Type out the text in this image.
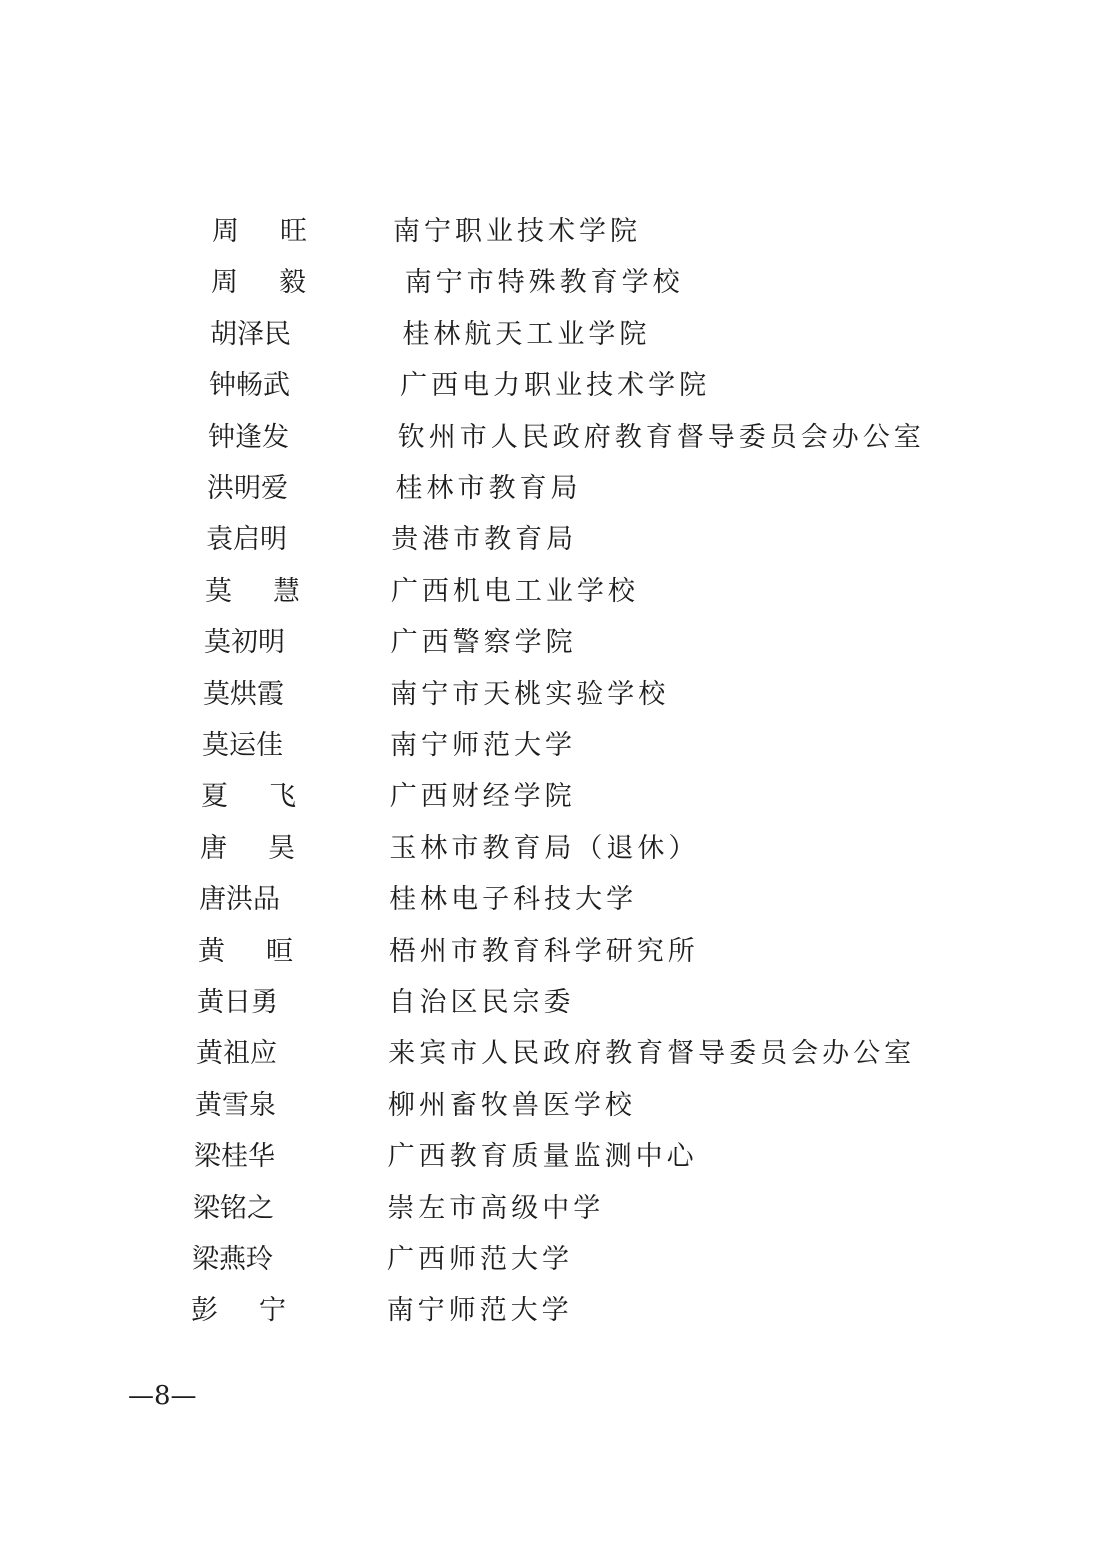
周 旺	南宁职业技术学院
周 毅	南宁市特殊教育学校
胡泽民	桂林航天工业学院
钟畅武	广西电力职业技术学院
钟逢发	钦州市人民政府教育督导委员会办公室
洪明爱	桂林市教育局
袁启明	贵港市教育局
莫 慧	广西机电工业学校
莫初明	广西警察学院
莫烘霞	南宁市天桃实验学校
莫运佳	南宁师范大学
夏 飞	广西财经学院
唐 昊	玉林市教育局（退休）
唐洪品	桂林电子科技大学
黄 晅	梧州市教育科学研究所
黄日勇	自治区民宗委
黄祖应	来宾市人民政府教育督导委员会办公室
黄雪泉	柳州畜牧兽医学校
梁桂华	广西教育质量监测中心
梁铭之	崇左市高级中学
梁燕玲	广西师范大学
彭 宁	南宁师范大学
—8—
